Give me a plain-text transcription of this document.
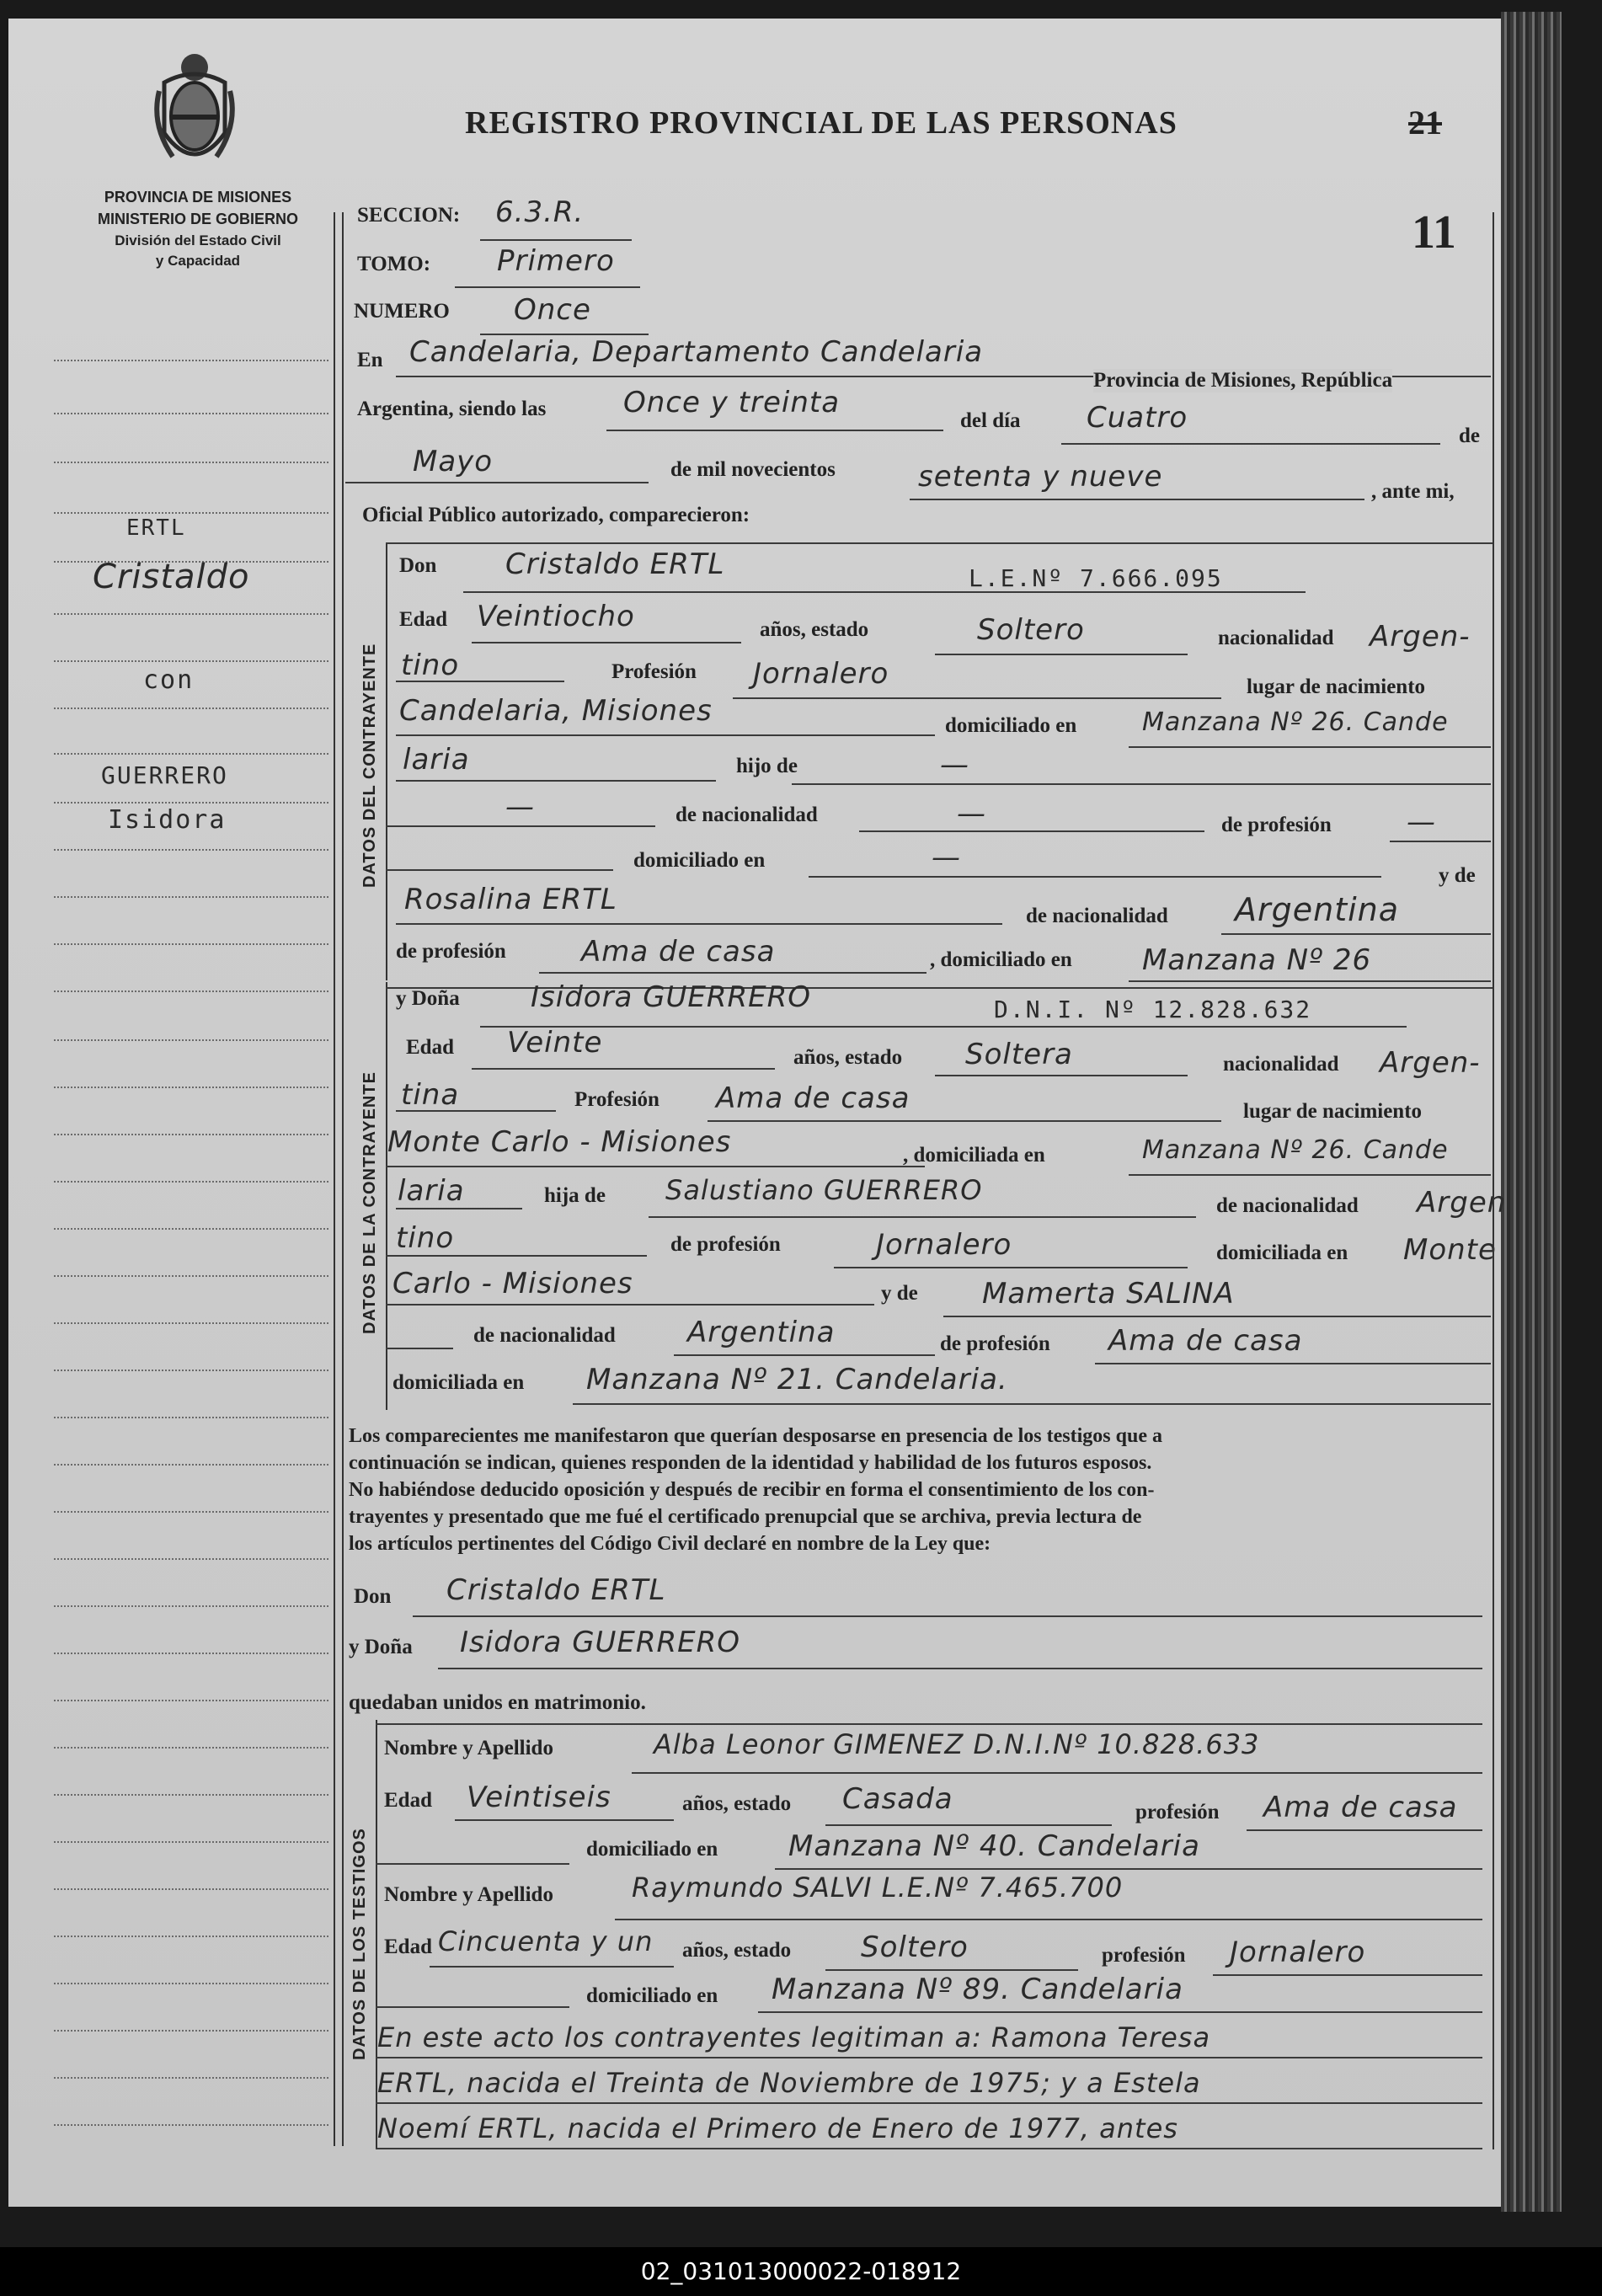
PROVINCIA DE MISIONES
MINISTERIO DE GOBIERNO
División del Estado Civil
y Capacidad
REGISTRO PROVINCIAL DE LAS PERSONAS	21
11
ERTL
Cristaldo
con
GUERRERO
Isidora
SECCION: 6.3.R.
TOMO: Primero
NUMERO Once
En Candelaria, Departamento Candelaria
Provincia de Misiones, República
Argentina, siendo las	Once y treinta
del día Cuatro
de
Mayo	de mil novecientos	setenta y nueve	, ante mi,
Oficial Público autorizado, comparecieron:
DATOS DEL CONTRAYENTE
Don Cristaldo ERTL	L.E.Nº 7.666.095
Edad Veintiocho	años, estado	Soltero	nacionalidad Argen-
tino	Profesión Jornalero	lugar de nacimiento
Candelaria, Misiones	domiciliado en	Manzana Nº 26. Cande
laria	hijo de	—
—	de nacionalidad	—	de profesión	—
domiciliado en	—
y de
Rosalina ERTL	de nacionalidad Argentina
de profesión	Ama de casa	, domiciliado en Manzana Nº 26
DATOS DE LA CONTRAYENTE
y Doña Isidora GUERRERO	D.N.I. Nº 12.828.632
Edad Veinte	años, estado Soltera	nacionalidad Argen-
tina	Profesión Ama de casa	lugar de nacimiento
Monte Carlo - Misiones	, domiciliada en	Manzana Nº 26. Cande
laria	hija de Salustiano GUERRERO	de nacionalidad Argen
tino	de profesión	Jornalero	domiciliada en Monte
Carlo - Misiones	y de Mamerta SALINA
de nacionalidad	Argentina	de profesión Ama de casa
domiciliada en Manzana Nº 21. Candelaria.
Los comparecientes me manifestaron que querían desposarse en presencia de los testigos que a
continuación se indican, quienes responden de la identidad y habilidad de los futuros esposos.
No habiéndose deducido oposición y después de recibir en forma el consentimiento de los con-
trayentes y presentado que me fué el certificado prenupcial que se archiva, previa lectura de
los artículos pertinentes del Código Civil declaré en nombre de la Ley que:
Don Cristaldo ERTL
y Doña Isidora GUERRERO
quedaban unidos en matrimonio.
DATOS DE LOS TESTIGOS
Nombre y Apellido	Alba Leonor GIMENEZ D.N.I.Nº 10.828.633
Edad Veintiseis	años, estado Casada	profesión Ama de casa
domiciliado en Manzana Nº 40. Candelaria
Nombre y Apellido	Raymundo SALVI L.E.Nº 7.465.700
Edad Cincuenta y un años, estado Soltero	profesión Jornalero
domiciliado en Manzana Nº 89. Candelaria
En este acto los contrayentes legitiman a: Ramona Teresa
ERTL, nacida el Treinta de Noviembre de 1975; y a Estela
Noemí ERTL, nacida el Primero de Enero de 1977, antes
02_031013000022-018912
